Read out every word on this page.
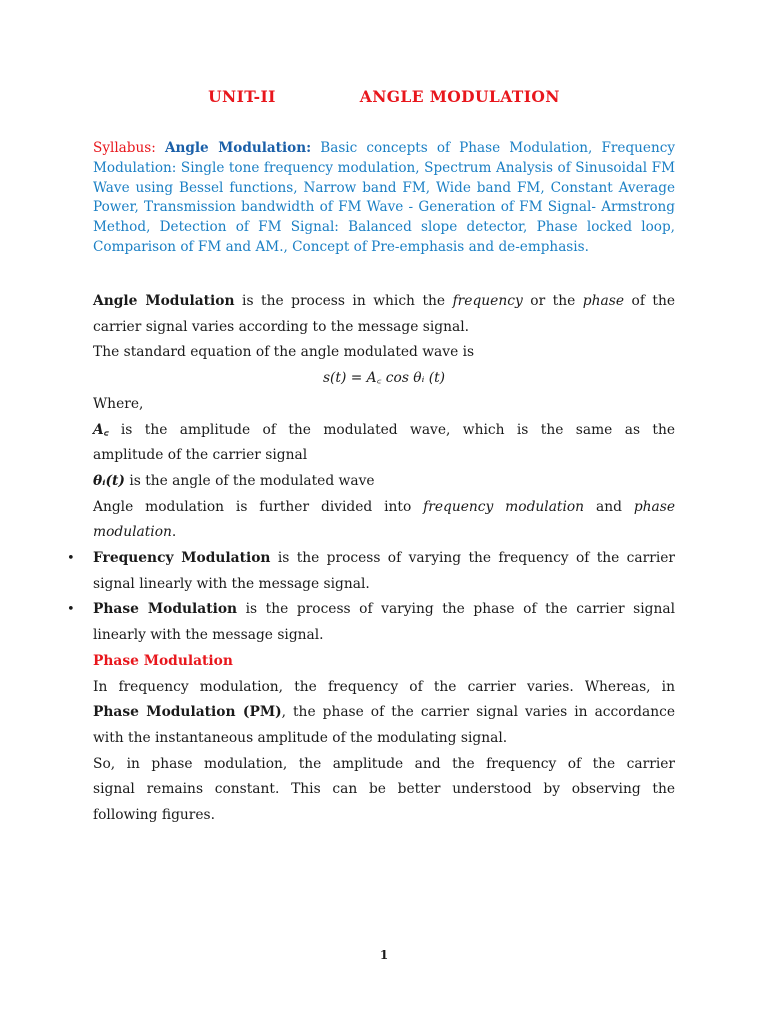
UNIT-II	ANGLE MODULATION
Syllabus: Angle Modulation: Basic concepts of Phase Modulation, Frequency Modulation: Single tone frequency modulation, Spectrum Analysis of Sinusoidal FM Wave using Bessel functions, Narrow band FM, Wide band FM, Constant Average Power, Transmission bandwidth of FM Wave - Generation of FM Signal- Armstrong Method, Detection of FM Signal: Balanced slope detector, Phase locked loop, Comparison of FM and AM., Concept of Pre-emphasis and de-emphasis.
Angle Modulation is the process in which the frequency or the phase of the
carrier signal varies according to the message signal.
The standard equation of the angle modulated wave is
s(t) = A꜀ cos θᵢ (t)
Where,
A꜀ is the amplitude of the modulated wave, which is the same as the
amplitude of the carrier signal
θᵢ(t) is the angle of the modulated wave
Angle modulation is further divided into frequency modulation and phase
modulation.
Frequency Modulation is the process of varying the frequency of the carrier
signal linearly with the message signal.
Phase Modulation is the process of varying the phase of the carrier signal
linearly with the message signal.
Phase Modulation
In frequency modulation, the frequency of the carrier varies. Whereas, in
Phase Modulation (PM), the phase of the carrier signal varies in accordance
with the instantaneous amplitude of the modulating signal.
So, in phase modulation, the amplitude and the frequency of the carrier
signal remains constant. This can be better understood by observing the
following figures.
•
•
1
